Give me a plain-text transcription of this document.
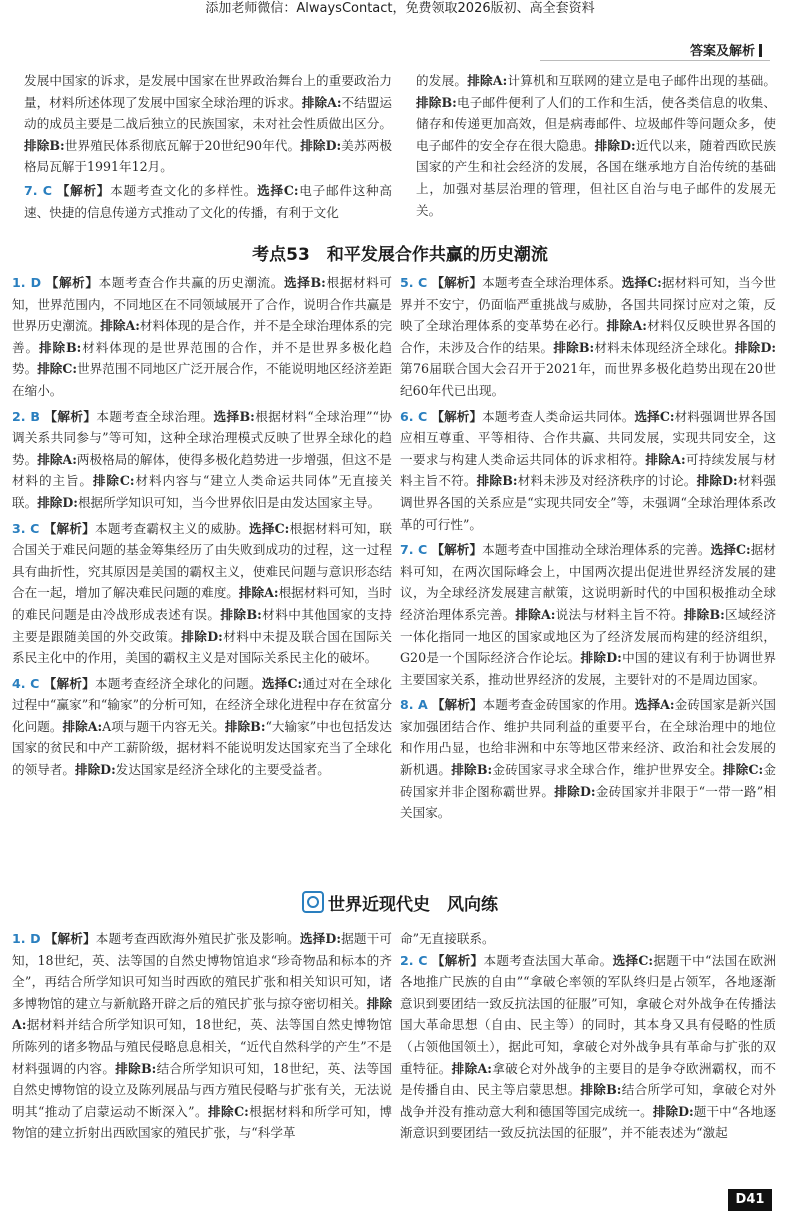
添加老师微信：AlwaysContact，免费领取2026版初、高全套资料
答案及解析

发展中国家的诉求，是发展中国家在世界政治舞台上的重要政治力量，材料所述体现了发展中国家全球治理的诉求。排除A:不结盟运动的成员主要是二战后独立的民族国家，未对社会性质做出区分。排除B:世界殖民体系彻底瓦解于20世纪90年代。排除D:美苏两极格局瓦解于1991年12月。

7. C 【解析】本题考查文化的多样性。选择C:电子邮件这种高速、快捷的信息传递方式推动了文化的传播，有利于文化

的发展。排除A:计算机和互联网的建立是电子邮件出现的基础。排除B:电子邮件便利了人们的工作和生活，使各类信息的收集、储存和传递更加高效，但是病毒邮件、垃圾邮件等问题众多，使电子邮件的安全存在很大隐患。排除D:近代以来，随着西欧民族国家的产生和社会经济的发展，各国在继承地方自治传统的基础上，加强对基层治理的管理，但社区自治与电子邮件的发展无关。

考点53　和平发展合作共赢的历史潮流

1. D 【解析】本题考查合作共赢的历史潮流。选择B:根据材料可知，世界范围内，不同地区在不同领域展开了合作，说明合作共赢是世界历史潮流。排除A:材料体现的是合作，并不是全球治理体系的完善。排除B:材料体现的是世界范围的合作，并不是世界多极化趋势。排除C:世界范围不同地区广泛开展合作，不能说明地区经济差距在缩小。

2. B 【解析】本题考查全球治理。选择B:根据材料“全球治理”“协调关系共同参与”等可知，这种全球治理模式反映了世界全球化的趋势。排除A:两极格局的解体，使得多极化趋势进一步增强，但这不是材料的主旨。排除C:材料内容与“建立人类命运共同体”无直接关联。排除D:根据所学知识可知，当今世界依旧是由发达国家主导。

3. C 【解析】本题考查霸权主义的威胁。选择C:根据材料可知，联合国关于难民问题的基金筹集经历了由失败到成功的过程，这一过程具有曲折性，究其原因是美国的霸权主义，使难民问题与意识形态结合在一起，增加了解决难民问题的难度。排除A:根据材料可知，当时的难民问题是由冷战形成表述有误。排除B:材料中其他国家的支持主要是跟随美国的外交政策。排除D:材料中未提及联合国在国际关系民主化中的作用，美国的霸权主义是对国际关系民主化的破坏。

4. C 【解析】本题考查经济全球化的问题。选择C:通过对在全球化过程中“赢家”和“输家”的分析可知，在经济全球化进程中存在贫富分化问题。排除A:A项与题干内容无关。排除B:“大输家”中也包括发达国家的贫民和中产工薪阶级，据材料不能说明发达国家充当了全球化的领导者。排除D:发达国家是经济全球化的主要受益者。

5. C 【解析】本题考查全球治理体系。选择C:据材料可知，当今世界并不安宁，仍面临严重挑战与威胁，各国共同探讨应对之策，反映了全球治理体系的变革势在必行。排除A:材料仅反映世界各国的合作，未涉及合作的结果。排除B:材料未体现经济全球化。排除D:第76届联合国大会召开于2021年，而世界多极化趋势出现在20世纪60年代已出现。

6. C 【解析】本题考查人类命运共同体。选择C:材料强调世界各国应相互尊重、平等相待、合作共赢、共同发展，实现共同安全，这一要求与构建人类命运共同体的诉求相符。排除A:可持续发展与材料主旨不符。排除B:材料未涉及对经济秩序的讨论。排除D:材料强调世界各国的关系应是“实现共同安全”等，未强调“全球治理体系改革的可行性”。

7. C 【解析】本题考查中国推动全球治理体系的完善。选择C:据材料可知，在两次国际峰会上，中国两次提出促进世界经济发展的建议，为全球经济发展建言献策，这说明新时代的中国积极推动全球经济治理体系完善。排除A:说法与材料主旨不符。排除B:区域经济一体化指同一地区的国家或地区为了经济发展而构建的经济组织，G20是一个国际经济合作论坛。排除D:中国的建议有利于协调世界主要国家关系，推动世界经济的发展，主要针对的不是周边国家。

8. A 【解析】本题考查金砖国家的作用。选择A:金砖国家是新兴国家加强团结合作、维护共同利益的重要平台，在全球治理中的地位和作用凸显，也给非洲和中东等地区带来经济、政治和社会发展的新机遇。排除B:金砖国家寻求全球合作，维护世界安全。排除C:金砖国家并非企图称霸世界。排除D:金砖国家并非限于“一带一路”相关国家。

世界近现代史　风向练

1. D 【解析】本题考查西欧海外殖民扩张及影响。选择D:据题干可知，18世纪，英、法等国的自然史博物馆追求“珍奇物品和标本的齐全”，再结合所学知识可知当时西欧的殖民扩张和相关知识可知，诸多博物馆的建立与新航路开辟之后的殖民扩张与掠夺密切相关。排除A:据材料并结合所学知识可知，18世纪，英、法等国自然史博物馆所陈列的诸多物品与殖民侵略息息相关，“近代自然科学的产生”不是材料强调的内容。排除B:结合所学知识可知，18世纪，英、法等国自然史博物馆的设立及陈列展品与西方殖民侵略与扩张有关，无法说明其“推动了启蒙运动不断深入”。排除C:根据材料和所学可知，博物馆的建立折射出西欧国家的殖民扩张，与“科学革

命”无直接联系。

2. C 【解析】本题考查法国大革命。选择C:据题干中“法国在欧洲各地推广民族的自由”“拿破仑率领的军队终归是占领军，各地逐渐意识到要团结一致反抗法国的征服”可知，拿破仑对外战争在传播法国大革命思想（自由、民主等）的同时，其本身又具有侵略的性质（占领他国领土），据此可知，拿破仑对外战争具有革命与扩张的双重特征。排除A:拿破仑对外战争的主要目的是争夺欧洲霸权，而不是传播自由、民主等启蒙思想。排除B:结合所学可知，拿破仑对外战争并没有推动意大利和德国等国完成统一。排除D:题干中“各地逐渐意识到要团结一致反抗法国的征服”，并不能表述为“激起

D41
